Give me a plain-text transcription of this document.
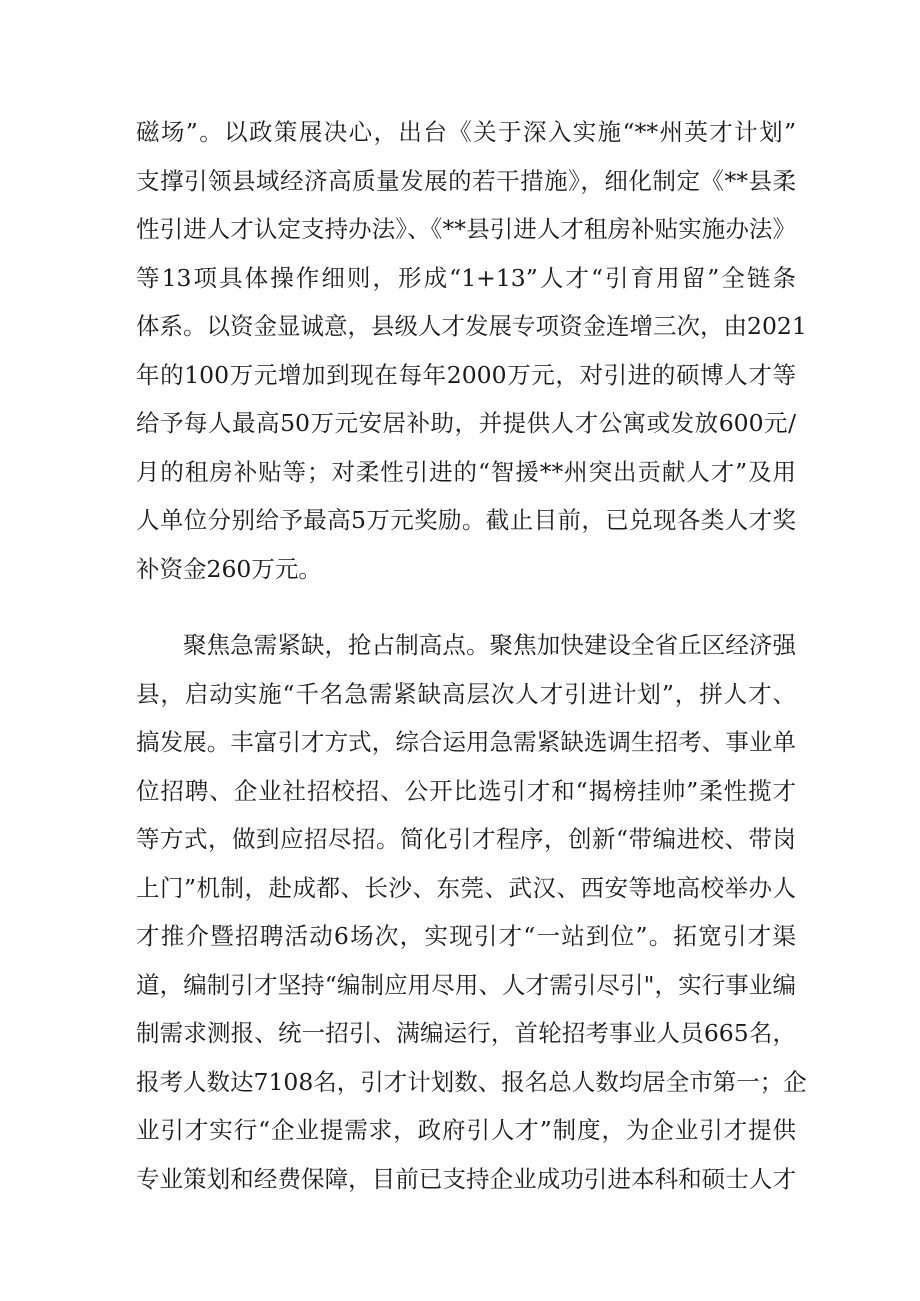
磁场”。以政策展决心，出台《关于深入实施“**州英才计划”
支撑引领县域经济高质量发展的若干措施》，细化制定《**县柔
性引进人才认定支持办法》、《**县引进人才租房补贴实施办法》
等13项具体操作细则，形成“1+13”人才“引育用留”全链条
体系。以资金显诚意，县级人才发展专项资金连增三次，由2021
年的100万元增加到现在每年2000万元，对引进的硕博人才等
给予每人最高50万元安居补助，并提供人才公寓或发放600元/
月的租房补贴等；对柔性引进的“智援**州突出贡献人才”及用
人单位分别给予最高5万元奖励。截止目前，已兑现各类人才奖
补资金260万元。
聚焦急需紧缺，抢占制高点。聚焦加快建设全省丘区经济强
县，启动实施“千名急需紧缺高层次人才引进计划”，拼人才、
搞发展。丰富引才方式，综合运用急需紧缺选调生招考、事业单
位招聘、企业社招校招、公开比选引才和“揭榜挂帅”柔性揽才
等方式，做到应招尽招。简化引才程序，创新“带编进校、带岗
上门”机制，赴成都、长沙、东莞、武汉、西安等地高校举办人
才推介暨招聘活动6场次，实现引才“一站到位”。拓宽引才渠
道，编制引才坚持“编制应用尽用、人才需引尽引"，实行事业编
制需求测报、统一招引、满编运行，首轮招考事业人员665名，
报考人数达7108名，引才计划数、报名总人数均居全市第一；企
业引才实行“企业提需求，政府引人才”制度，为企业引才提供
专业策划和经费保障，目前已支持企业成功引进本科和硕士人才
